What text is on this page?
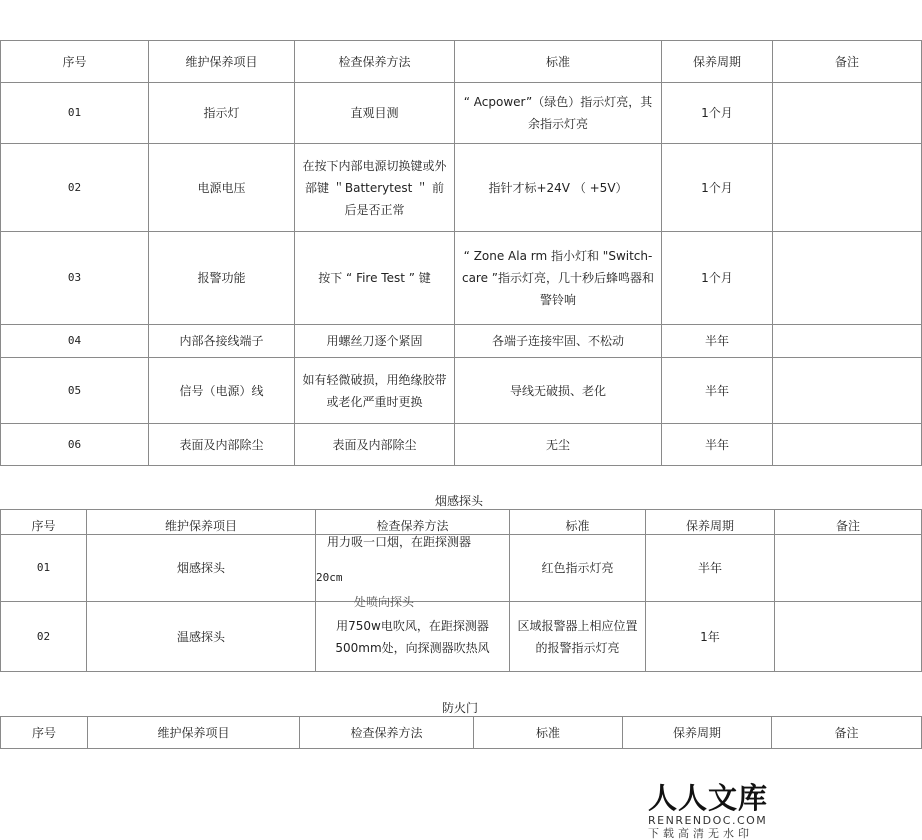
序号	维护保养项目	检查保养方法	标准	保养周期	备注
01	指示灯	直观目测	“ Acpower”（绿色）指示灯亮，其余指示灯亮	1个月	
02	电源电压	在按下内部电源切换键或外部键 ＂Batterytest ＂ 前 后是否正常	指针才标+24V （ +5V）	1个月	
03	报警功能	按下 “ Fire Test ” 键	“ Zone Ala rm 指小灯和 "Switch-care ”指示灯亮，几十秒后蜂鸣器和警铃响	1个月	
04	内部各接线端子	用螺丝刀逐个紧固	各端子连接牢固、不松动	半年	
05	信号（电源）线	如有轻微破损，用绝缘胶带或老化严重时更换	导线无破损、老化	半年	
06	表面及内部除尘	表面及内部除尘	无尘	半年	
烟感探头
序号	维护保养项目	检查保养方法	标准	保养周期	备注
01	烟感探头	用力吸一口烟，在距探测器
20cm
处喷向探头	红色指示灯亮	半年	
02	温感探头	用750w电吹风，在距探测器500mm处，向探测器吹热风	区域报警器上相应位置的报警指示灯亮	1年	
防火门
序号	维护保养项目	检查保养方法	标准	保养周期	备注
人人文库
RENRENDOC.COM
下载高清无水印
